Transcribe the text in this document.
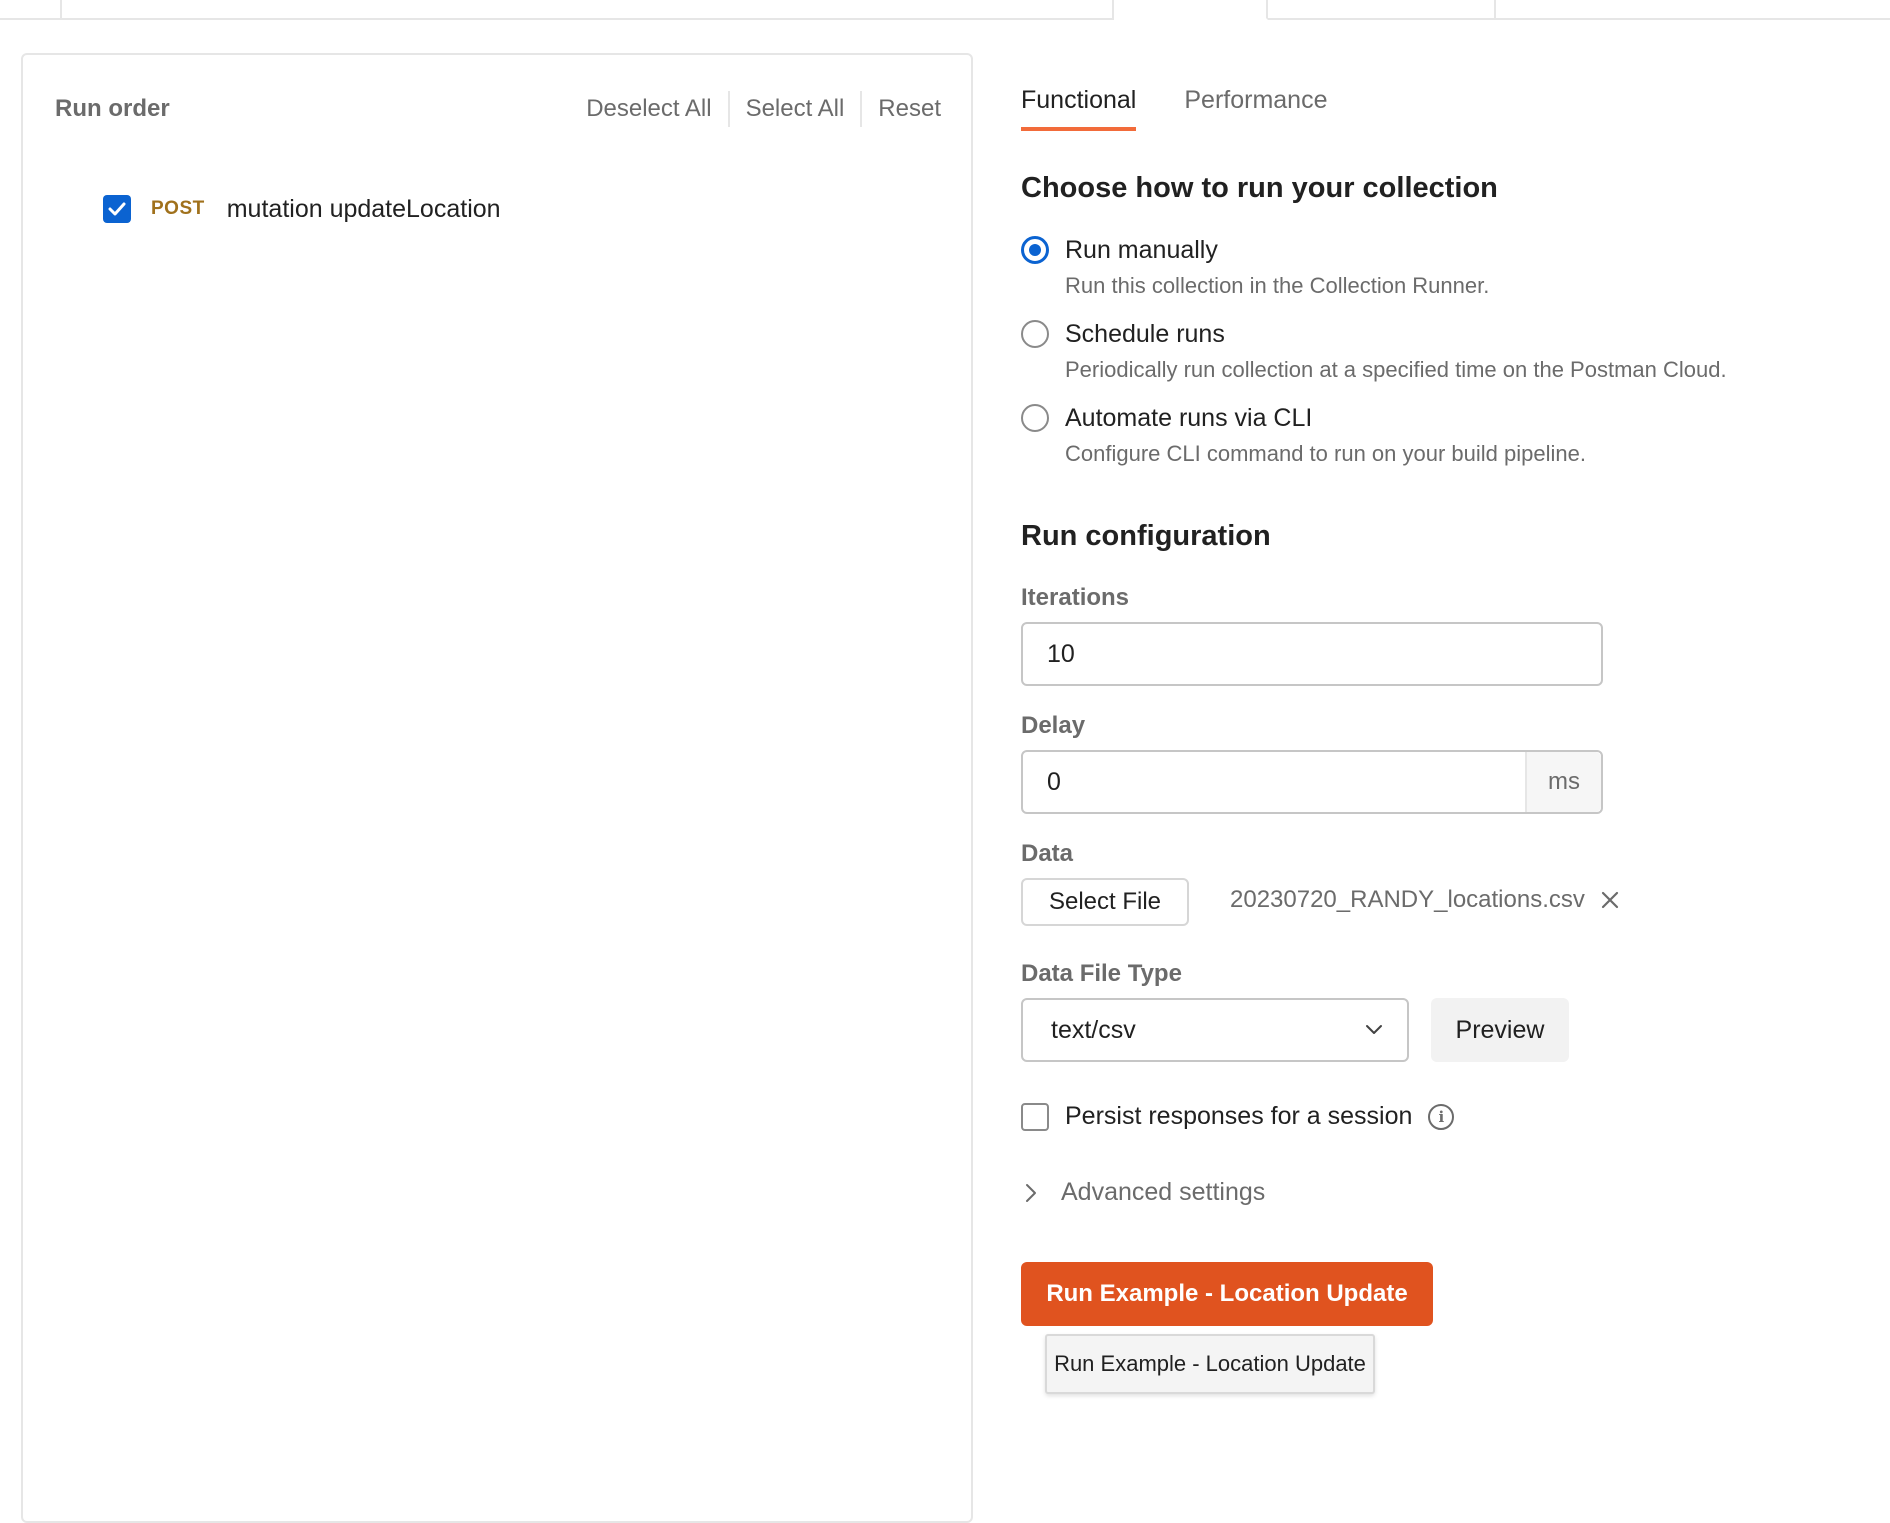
Run order	Deselect All Select All Reset
POST mutation updateLocation
Functional Performance
Choose how to run your collection
Run manually
Run this collection in the Collection Runner.
Schedule runs
Periodically run collection at a specified time on the Postman Cloud.
Automate runs via CLI
Configure CLI command to run on your build pipeline.
Run configuration
Iterations
10
Delay
0	ms
Data
Select File	20230720_RANDY_locations.csv
Data File Type
text/csv	Preview
Persist responses for a session	i
Advanced settings
Run Example - Location Update
Run Example - Location Update
